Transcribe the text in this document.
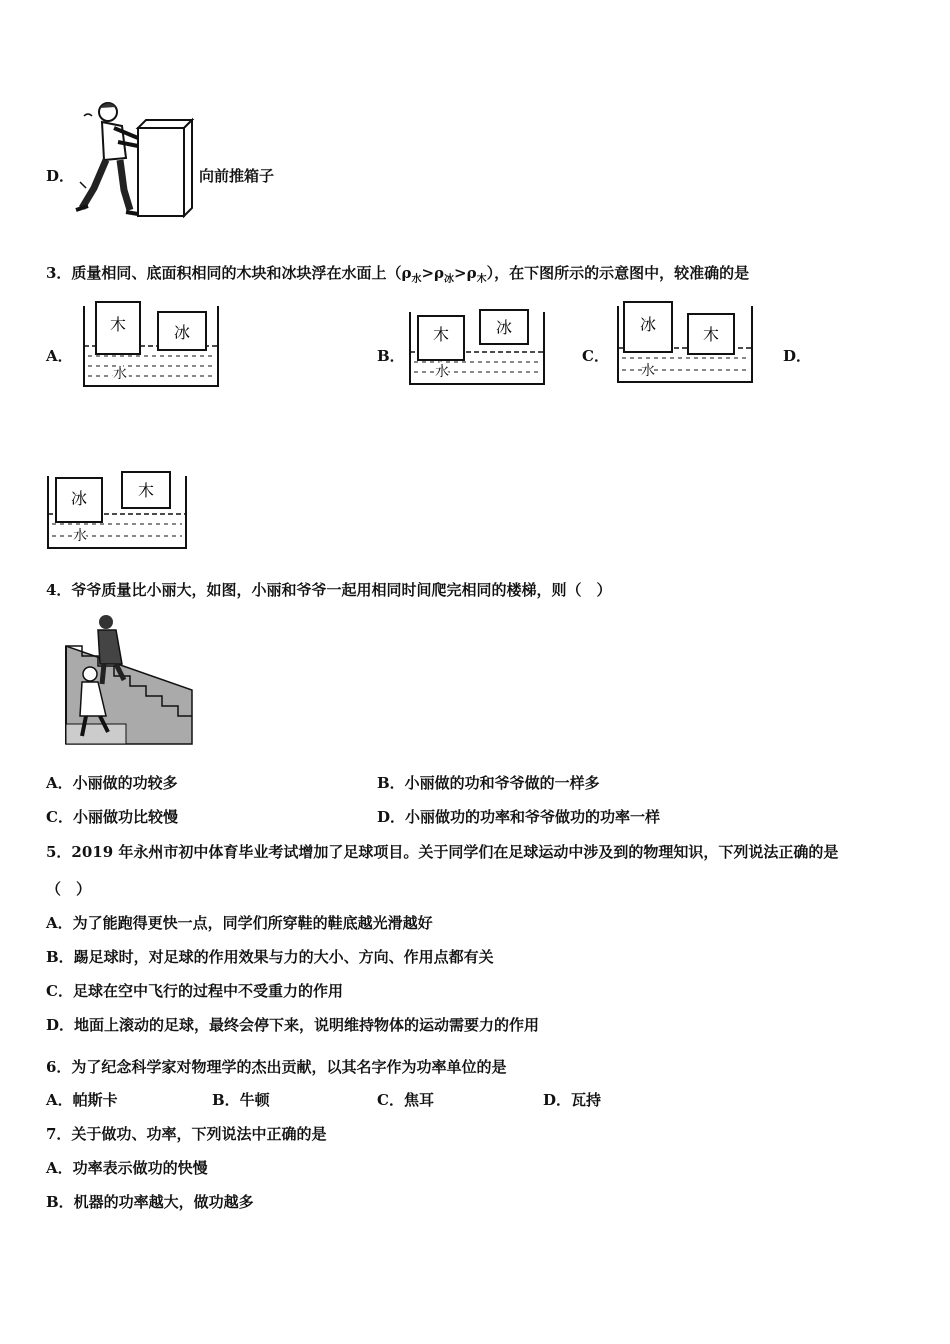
D．	向前推箱子
3．质量相同、底面积相同的木块和冰块浮在水面上$(\rho_水>\rho_冰>\rho_木)$，在下图所示的示意图中，较准确的是
A．	B．	C．	D．
木	冰
水
木	冰
水
冰
木
水
冰	木
水
4．爷爷质量比小丽大，如图，小丽和爷爷一起用相同时间爬完相同的楼梯，则（　）
A．小丽做的功较多	B．小丽做的功和爷爷做的一样多
C．小丽做功比较慢	D．小丽做功的功率和爷爷做功的功率一样
5．2019 年永州市初中体育毕业考试增加了足球项目。关于同学们在足球运动中涉及到的物理知识，下列说法正确的是
（　）
A．为了能跑得更快一点，同学们所穿鞋的鞋底越光滑越好
B．踢足球时，对足球的作用效果与力的大小、方向、作用点都有关
C．足球在空中飞行的过程中不受重力的作用
D．地面上滚动的足球，最终会停下来，说明维持物体的运动需要力的作用
6．为了纪念科学家对物理学的杰出贡献，以其名字作为功率单位的是
A．帕斯卡	B．牛顿	C．焦耳	D．瓦持
7．关于做功、功率，下列说法中正确的是
A．功率表示做功的快慢
B．机器的功率越大，做功越多
